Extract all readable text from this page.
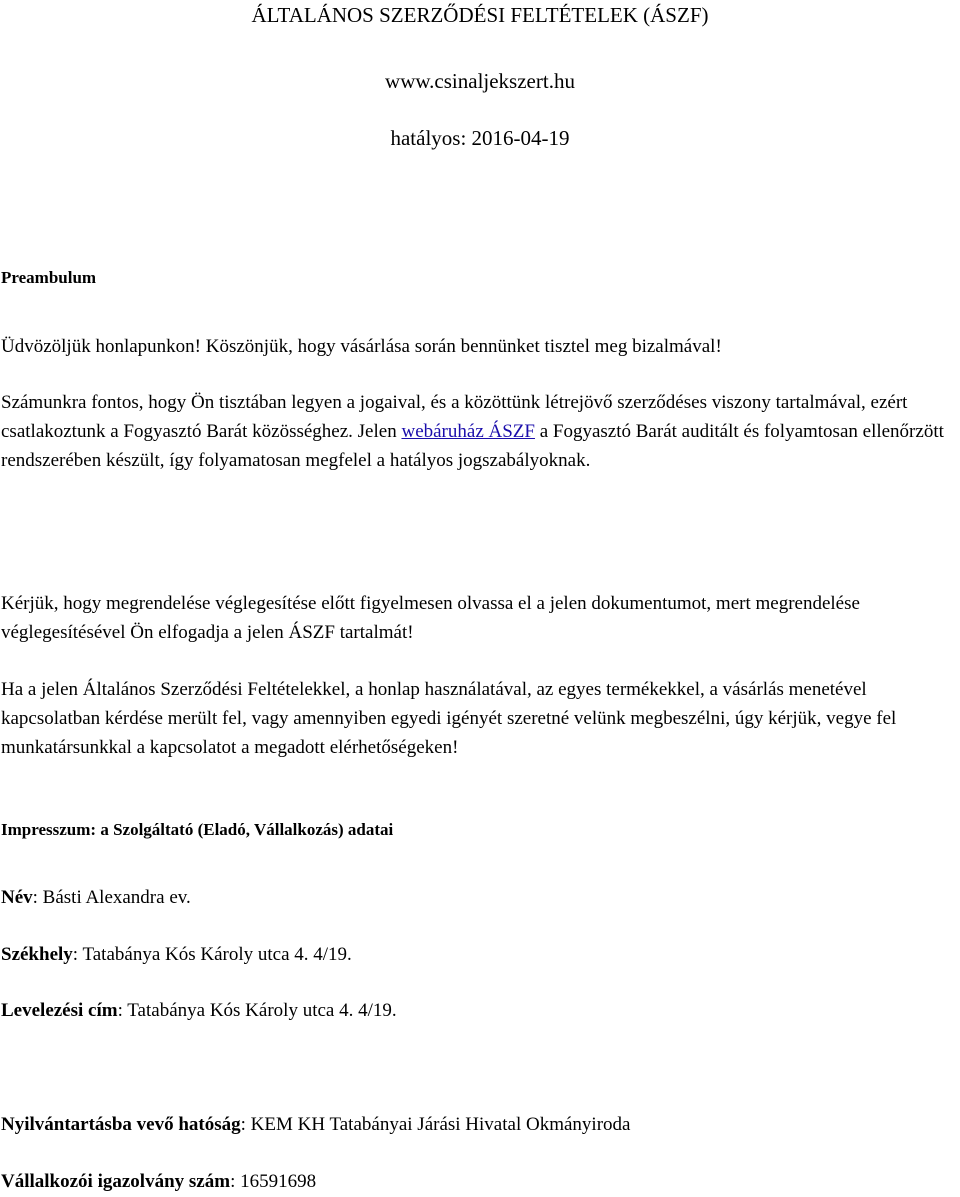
ÁLTALÁNOS SZERZŐDÉSI FELTÉTELEK (ÁSZF)
www.csinaljekszert.hu
hatályos: 2016-04-19
Preambulum
Üdvözöljük honlapunkon! Köszönjük, hogy vásárlása során bennünket tisztel meg bizalmával!
Számunkra fontos, hogy Ön tisztában legyen a jogaival, és a közöttünk létrejövő szerződéses viszony tartalmával, ezért csatlakoztunk a Fogyasztó Barát közösséghez. Jelen webáruház ÁSZF a Fogyasztó Barát auditált és folyamtosan ellenőrzött rendszerében készült, így folyamatosan megfelel a hatályos jogszabályoknak.
Kérjük, hogy megrendelése véglegesítése előtt figyelmesen olvassa el a jelen dokumentumot, mert megrendelése véglegesítésével Ön elfogadja a jelen ÁSZF tartalmát!
Ha a jelen Általános Szerződési Feltételekkel, a honlap használatával, az egyes termékekkel, a vásárlás menetével kapcsolatban kérdése merült fel, vagy amennyiben egyedi igényét szeretné velünk megbeszélni, úgy kérjük, vegye fel munkatársunkkal a kapcsolatot a megadott elérhetőségeken!
Impresszum: a Szolgáltató (Eladó, Vállalkozás) adatai
Név: Básti Alexandra ev.
Székhely: Tatabánya Kós Károly utca 4. 4/19.
Levelezési cím: Tatabánya Kós Károly utca 4. 4/19.
Nyilvántartásba vevő hatóság: KEM KH Tatabányai Járási Hivatal Okmányiroda
Vállalkozói igazolvány szám: 16591698
